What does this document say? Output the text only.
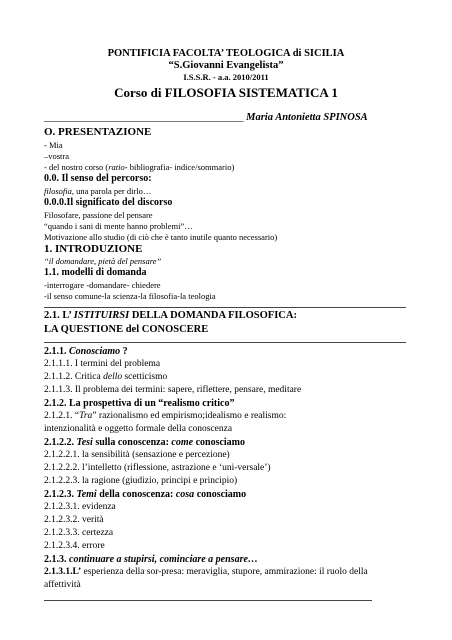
PONTIFICIA FACOLTA’ TEOLOGICA di SICILIA
“S.Giovanni Evangelista”
I.S.S.R. - a.a. 2010/2011
Corso di FILOSOFIA SISTEMATICA 1
______________________________________ Maria Antonietta SPINOSA
O. PRESENTAZIONE
- Mia
–vostra
- del nostro corso (ratio- bibliografia- indice/sommario)
0.0. Il senso del percorso:
filosofia, una parola per dirlo…
0.0.0.Il significato del discorso
Filosofare, passione del pensare
“quando i sani di mente hanno problemi”…
Motivazione allo studio (di ciò che è tanto inutile quanto necessario)
1. INTRODUZIONE
“il domandare, pietà del pensare”
1.1. modelli di domanda
-interrogare -domandare- chiedere
-il senso comune-la scienza-la filosofia-la teologia
2.1. L’ ISTITUIRSI DELLA DOMANDA FILOSOFICA:
LA QUESTIONE del CONOSCERE
2.1.1. Conosciamo ?
2.1.1.1. I termini del problema
2.1.1.2. Critica dello scetticismo
2.1.1.3. Il problema dei termini: sapere, riflettere, pensare, meditare
2.1.2. La prospettiva di un “realismo critico”
2.1.2.1. “Tra” razionalismo ed empirismo;idealismo e realismo:
intenzionalità e oggetto formale della conoscenza
2.1.2.2. Tesi sulla conoscenza: come conosciamo
2.1.2.2.1. la sensibilità (sensazione e percezione)
2.1.2.2.2. l’intelletto (riflessione, astrazione e ‘uni-versale’)
2.1.2.2.3. la ragione (giudizio, principi e principio)
2.1.2.3. Temi della conoscenza: cosa conosciamo
2.1.2.3.1. evidenza
2.1.2.3.2. verità
2.1.2.3.3. certezza
2.1.2.3.4. errore
2.1.3. continuare a stupirsi, cominciare a pensare…
2.1.3.1.L’ esperienza della sor-presa: meraviglia, stupore, ammirazione: il ruolo della
affettività
